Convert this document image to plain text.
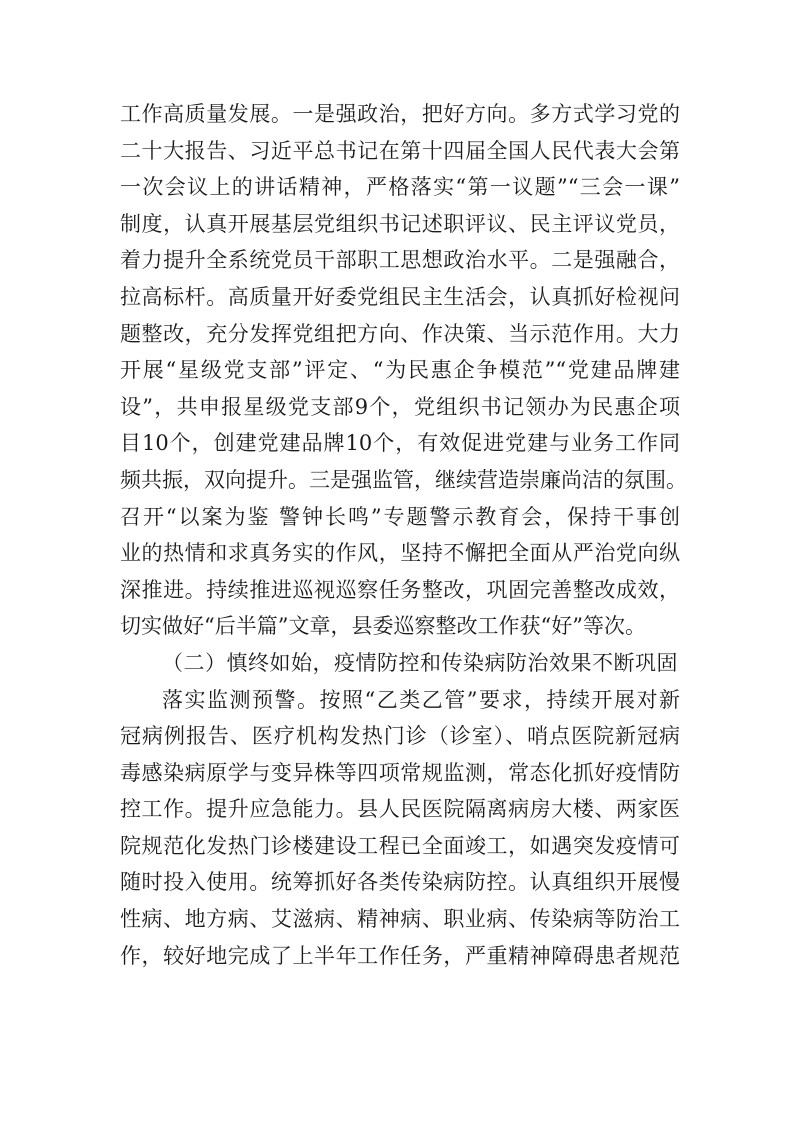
工作高质量发展。一是强政治，把好方向。多方式学习党的
二十大报告、习近平总书记在第十四届全国人民代表大会第
一次会议上的讲话精神，严格落实“第一议题”“三会一课”
制度，认真开展基层党组织书记述职评议、民主评议党员，
着力提升全系统党员干部职工思想政治水平。二是强融合，
拉高标杆。高质量开好委党组民主生活会，认真抓好检视问
题整改，充分发挥党组把方向、作决策、当示范作用。大力
开展“星级党支部”评定、“为民惠企争模范”“党建品牌建
设”，共申报星级党支部9个，党组织书记领办为民惠企项
目10个，创建党建品牌10个，有效促进党建与业务工作同
频共振，双向提升。三是强监管，继续营造崇廉尚洁的氛围。
召开“以案为鉴 警钟长鸣”专题警示教育会，保持干事创
业的热情和求真务实的作风，坚持不懈把全面从严治党向纵
深推进。持续推进巡视巡察任务整改，巩固完善整改成效，
切实做好“后半篇”文章，县委巡察整改工作获“好”等次。
（二）慎终如始，疫情防控和传染病防治效果不断巩固
落实监测预警。按照“乙类乙管”要求，持续开展对新
冠病例报告、医疗机构发热门诊（诊室）、哨点医院新冠病
毒感染病原学与变异株等四项常规监测，常态化抓好疫情防
控工作。提升应急能力。县人民医院隔离病房大楼、两家医
院规范化发热门诊楼建设工程已全面竣工，如遇突发疫情可
随时投入使用。统筹抓好各类传染病防控。认真组织开展慢
性病、地方病、艾滋病、精神病、职业病、传染病等防治工
作，较好地完成了上半年工作任务，严重精神障碍患者规范
